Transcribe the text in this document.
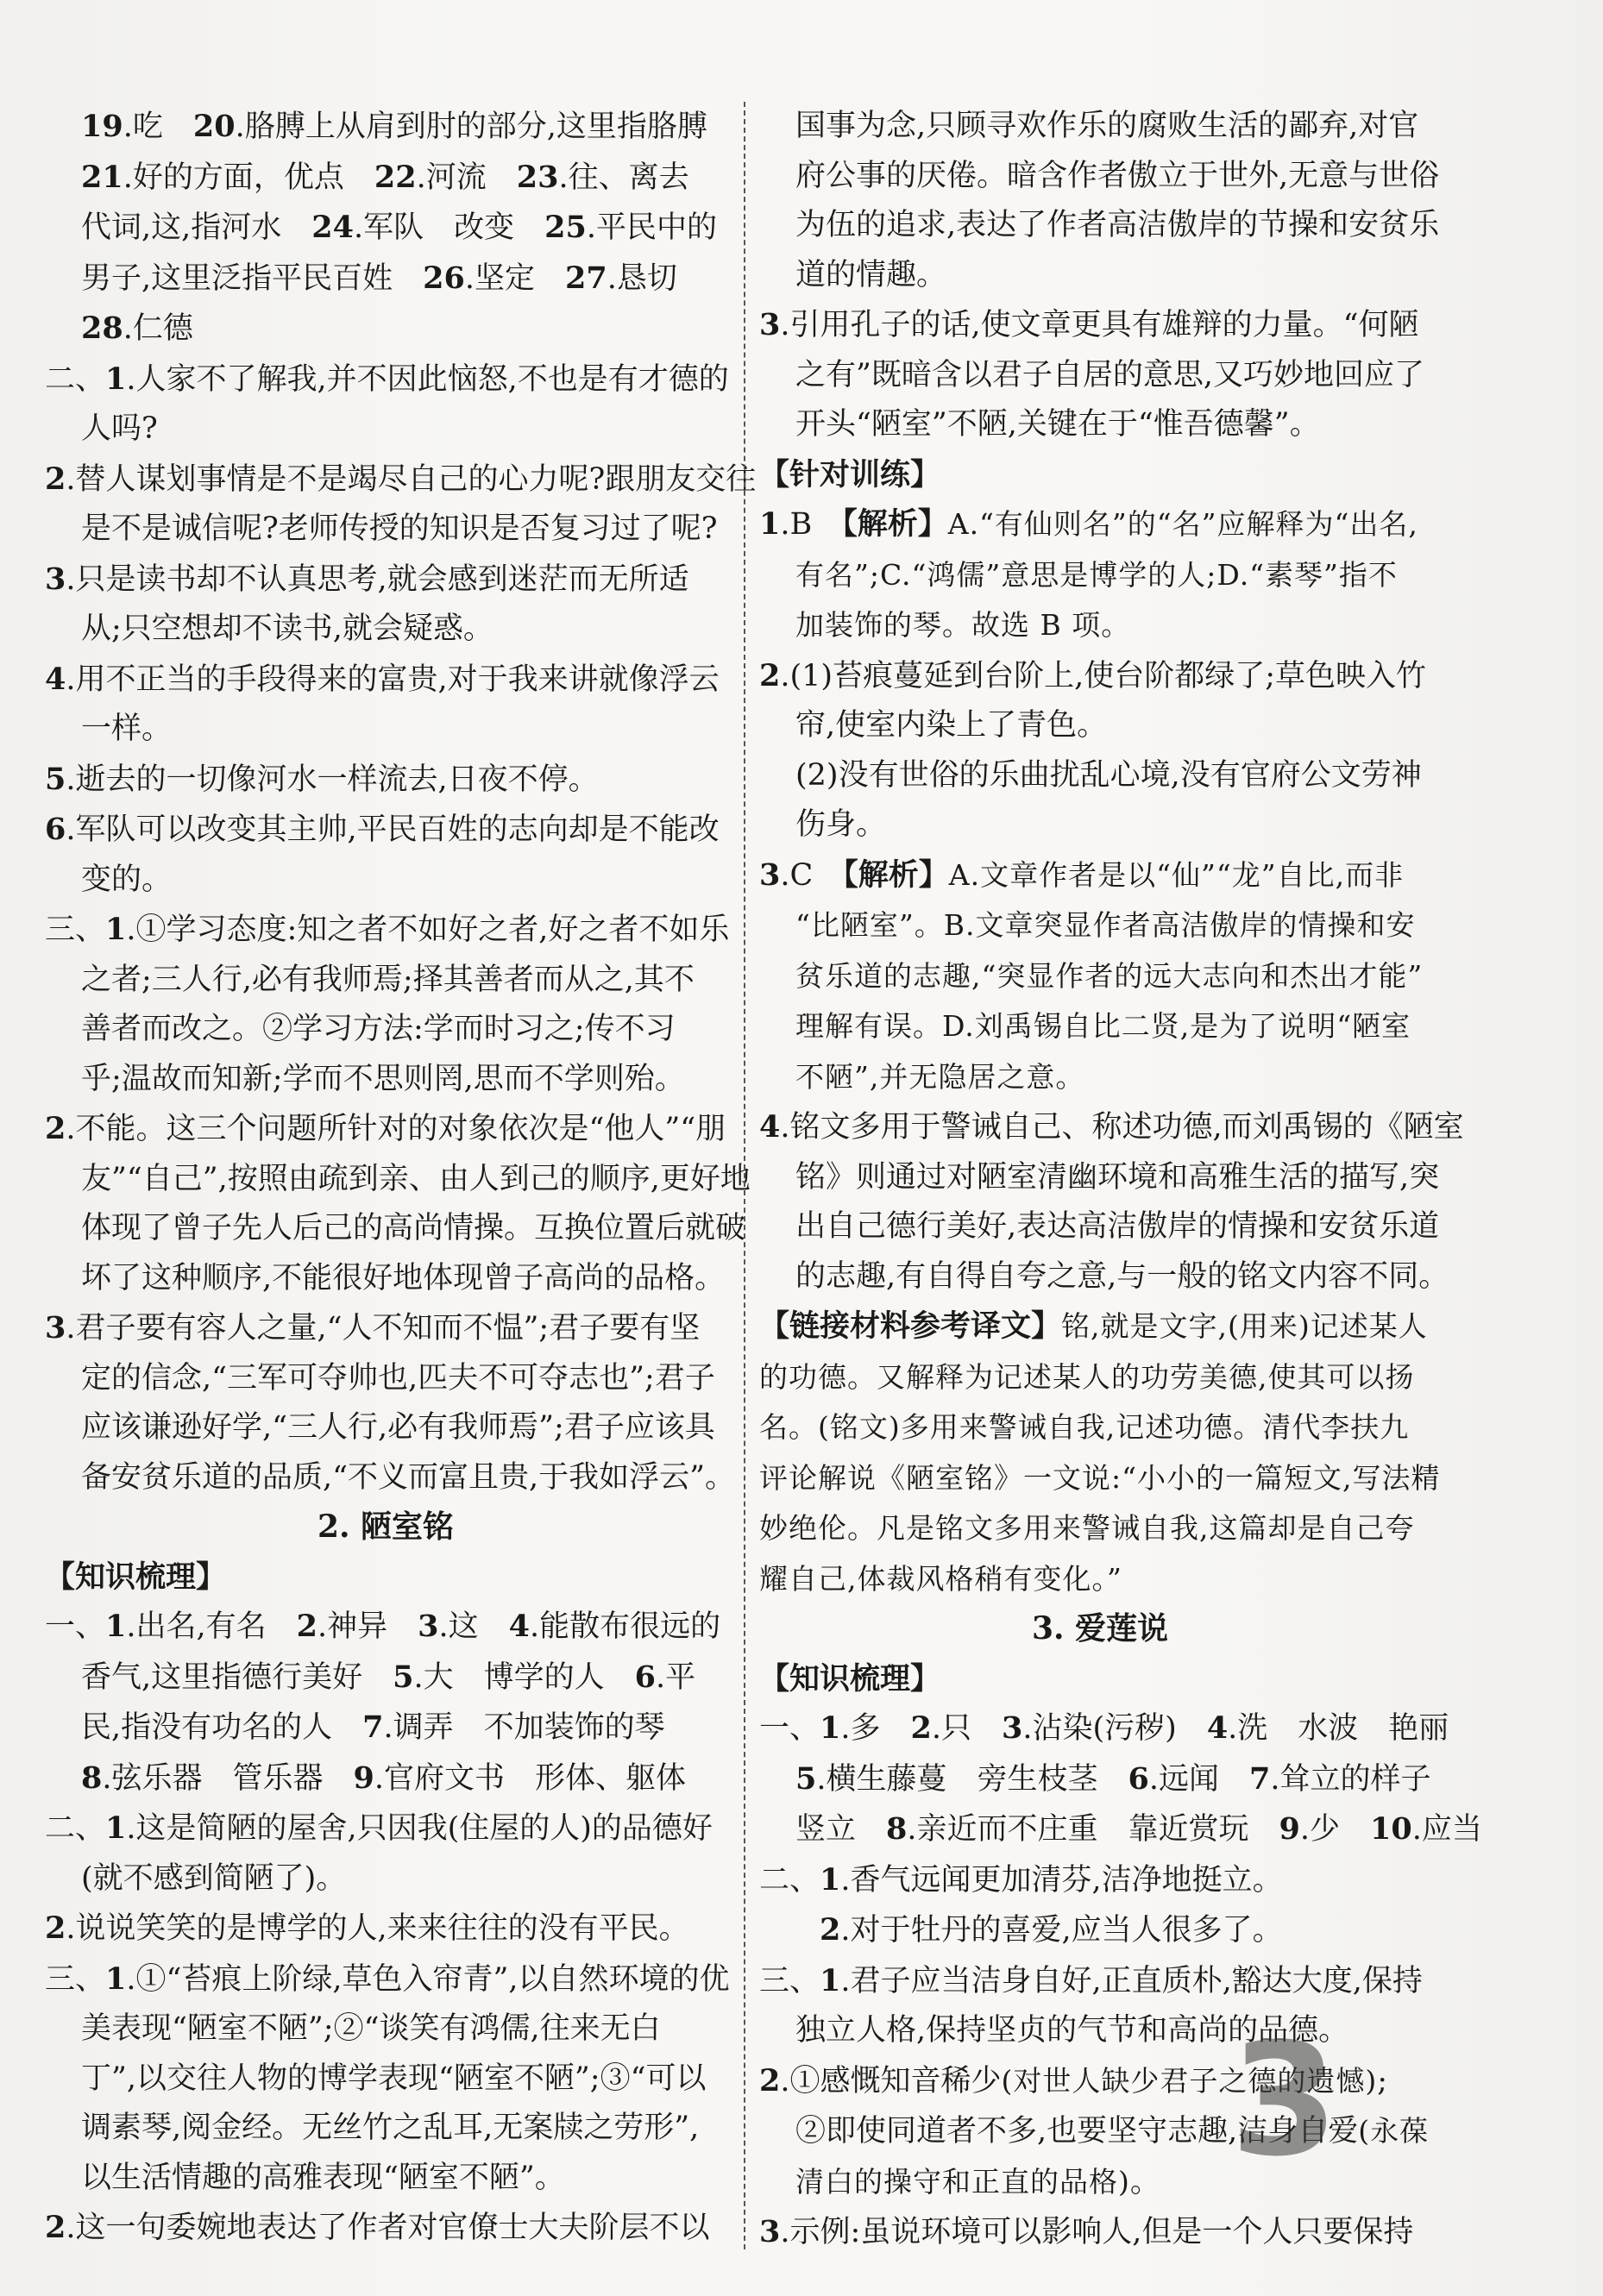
19.吃　20.胳膊上从肩到肘的部分,这里指胳膊
21.好的方面，优点　22.河流　23.往、离去
代词,这,指河水　24.军队　改变　25.平民中的
男子,这里泛指平民百姓　26.坚定　27.恳切
28.仁德
二、1.人家不了解我,并不因此恼怒,不也是有才德的
人吗?
2.替人谋划事情是不是竭尽自己的心力呢?跟朋友交往
是不是诚信呢?老师传授的知识是否复习过了呢?
3.只是读书却不认真思考,就会感到迷茫而无所适
从;只空想却不读书,就会疑惑。
4.用不正当的手段得来的富贵,对于我来讲就像浮云
一样。
5.逝去的一切像河水一样流去,日夜不停。
6.军队可以改变其主帅,平民百姓的志向却是不能改
变的。
三、1.①学习态度:知之者不如好之者,好之者不如乐
之者;三人行,必有我师焉;择其善者而从之,其不
善者而改之。②学习方法:学而时习之;传不习
乎;温故而知新;学而不思则罔,思而不学则殆。
2.不能。这三个问题所针对的对象依次是“他人”“朋
友”“自己”,按照由疏到亲、由人到己的顺序,更好地
体现了曾子先人后己的高尚情操。互换位置后就破
坏了这种顺序,不能很好地体现曾子高尚的品格。
3.君子要有容人之量,“人不知而不愠”;君子要有坚
定的信念,“三军可夺帅也,匹夫不可夺志也”;君子
应该谦逊好学,“三人行,必有我师焉”;君子应该具
备安贫乐道的品质,“不义而富且贵,于我如浮云”。
2. 陋室铭
【知识梳理】
一、1.出名,有名　2.神异　3.这　4.能散布很远的
香气,这里指德行美好　5.大　博学的人　6.平
民,指没有功名的人　7.调弄　不加装饰的琴
8.弦乐器　管乐器　9.官府文书　形体、躯体
二、1.这是简陋的屋舍,只因我(住屋的人)的品德好
(就不感到简陋了)。
2.说说笑笑的是博学的人,来来往往的没有平民。
三、1.①“苔痕上阶绿,草色入帘青”,以自然环境的优
美表现“陋室不陋”;②“谈笑有鸿儒,往来无白
丁”,以交往人物的博学表现“陋室不陋”;③“可以
调素琴,阅金经。无丝竹之乱耳,无案牍之劳形”,
以生活情趣的高雅表现“陋室不陋”。
2.这一句委婉地表达了作者对官僚士大夫阶层不以
国事为念,只顾寻欢作乐的腐败生活的鄙弃,对官
府公事的厌倦。暗含作者傲立于世外,无意与世俗
为伍的追求,表达了作者高洁傲岸的节操和安贫乐
道的情趣。
3.引用孔子的话,使文章更具有雄辩的力量。“何陋
之有”既暗含以君子自居的意思,又巧妙地回应了
开头“陋室”不陋,关键在于“惟吾德馨”。
【针对训练】
1.B　【解析】A.“有仙则名”的“名”应解释为“出名,
有名”;C.“鸿儒”意思是博学的人;D.“素琴”指不
加装饰的琴。故选 B 项。
2.(1)苔痕蔓延到台阶上,使台阶都绿了;草色映入竹
帘,使室内染上了青色。
(2)没有世俗的乐曲扰乱心境,没有官府公文劳神
伤身。
3.C　【解析】A.文章作者是以“仙”“龙”自比,而非
“比陋室”。B.文章突显作者高洁傲岸的情操和安
贫乐道的志趣,“突显作者的远大志向和杰出才能”
理解有误。D.刘禹锡自比二贤,是为了说明“陋室
不陋”,并无隐居之意。
4.铭文多用于警诫自己、称述功德,而刘禹锡的《陋室
铭》则通过对陋室清幽环境和高雅生活的描写,突
出自己德行美好,表达高洁傲岸的情操和安贫乐道
的志趣,有自得自夸之意,与一般的铭文内容不同。
【链接材料参考译文】铭,就是文字,(用来)记述某人
的功德。又解释为记述某人的功劳美德,使其可以扬
名。(铭文)多用来警诫自我,记述功德。清代李扶九
评论解说《陋室铭》一文说:“小小的一篇短文,写法精
妙绝伦。凡是铭文多用来警诫自我,这篇却是自己夸
耀自己,体裁风格稍有变化。”
3. 爱莲说
【知识梳理】
一、1.多　2.只　3.沾染(污秽)　4.洗　水波　艳丽
5.横生藤蔓　旁生枝茎　6.远闻　7.耸立的样子
竖立　8.亲近而不庄重　靠近赏玩　9.少　10.应当
二、1.香气远闻更加清芬,洁净地挺立。
2.对于牡丹的喜爱,应当人很多了。
三、1.君子应当洁身自好,正直质朴,豁达大度,保持
独立人格,保持坚贞的气节和高尚的品德。
2.①感慨知音稀少(对世人缺少君子之德的遗憾);
②即使同道者不多,也要坚守志趣,洁身自爱(永葆
清白的操守和正直的品格)。
3.示例:虽说环境可以影响人,但是一个人只要保持
3
